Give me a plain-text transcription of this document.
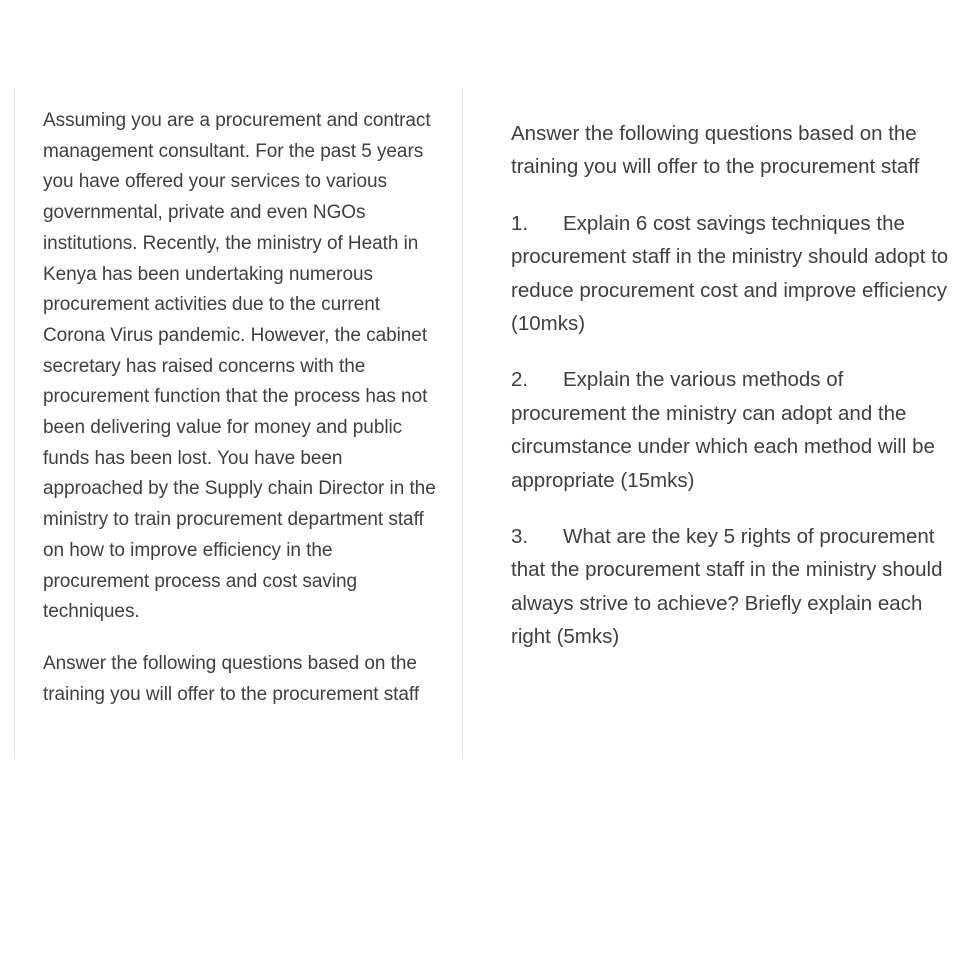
Assuming you are a procurement and contract management consultant. For the past 5 years you have offered your services to various governmental, private and even NGOs institutions. Recently, the ministry of Heath in Kenya has been undertaking numerous procurement activities due to the current Corona Virus pandemic. However, the cabinet secretary has raised concerns with the procurement function that the process has not been delivering value for money and public funds has been lost. You have been approached by the Supply chain Director in the ministry to train procurement department staff on how to improve efficiency in the procurement process and cost saving techniques.

Answer the following questions based on the training you will offer to the procurement staff

Answer the following questions based on the training you will offer to the procurement staff

1. Explain 6 cost savings techniques the procurement staff in the ministry should adopt to reduce procurement cost and improve efficiency (10mks)

2. Explain the various methods of procurement the ministry can adopt and the circumstance under which each method will be appropriate (15mks)

3. What are the key 5 rights of procurement that the procurement staff in the ministry should always strive to achieve? Briefly explain each right (5mks)
